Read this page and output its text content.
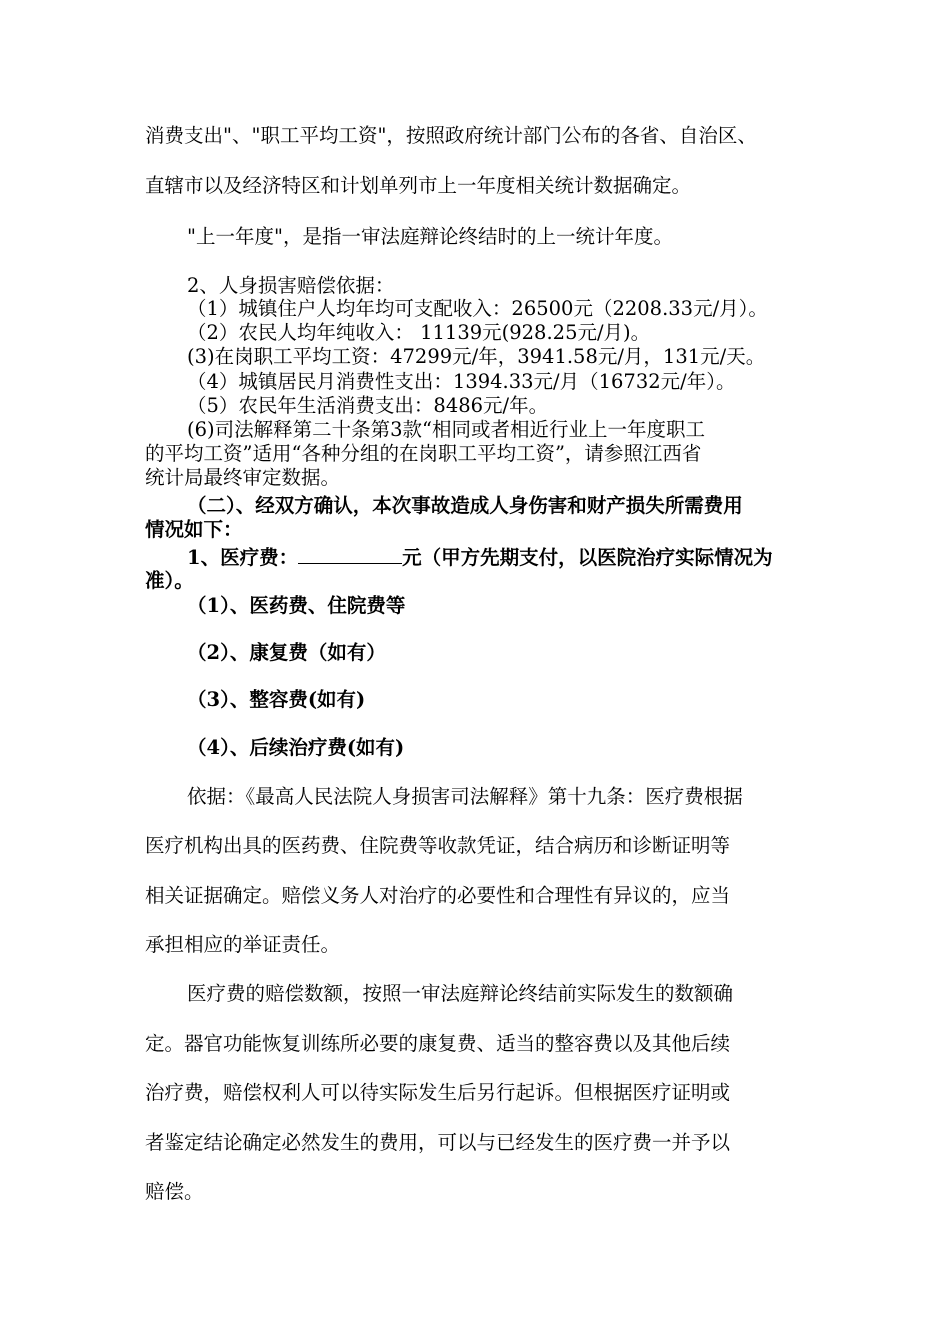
消费支出"、"职工平均工资"，按照政府统计部门公布的各省、自治区、
直辖市以及经济特区和计划单列市上一年度相关统计数据确定。
"上一年度"，是指一审法庭辩论终结时的上一统计年度。
2、人身损害赔偿依据：
（1）城镇住户人均年均可支配收入：26500元（2208.33元/月）。
（2）农民人均年纯收入： 11139元(928.25元/月)。
(3)在岗职工平均工资：47299元/年，3941.58元/月，131元/天。
（4）城镇居民月消费性支出：1394.33元/月（16732元/年）。
（5）农民年生活消费支出：8486元/年。
(6)司法解释第二十条第3款“相同或者相近行业上一年度职工
的平均工资”适用“各种分组的在岗职工平均工资”，请参照江西省
统计局最终审定数据。
（二）、经双方确认，本次事故造成人身伤害和财产损失所需费用
情况如下：
1、医疗费：	元（甲方先期支付，以医院治疗实际情况为
准）。
（1）、医药费、住院费等
（2）、康复费（如有）
（3）、整容费(如有)
（4）、后续治疗费(如有)
依据：《最高人民法院人身损害司法解释》第十九条：医疗费根据
医疗机构出具的医药费、住院费等收款凭证，结合病历和诊断证明等
相关证据确定。赔偿义务人对治疗的必要性和合理性有异议的，应当
承担相应的举证责任。
医疗费的赔偿数额，按照一审法庭辩论终结前实际发生的数额确
定。器官功能恢复训练所必要的康复费、适当的整容费以及其他后续
治疗费，赔偿权利人可以待实际发生后另行起诉。但根据医疗证明或
者鉴定结论确定必然发生的费用，可以与已经发生的医疗费一并予以
赔偿。
